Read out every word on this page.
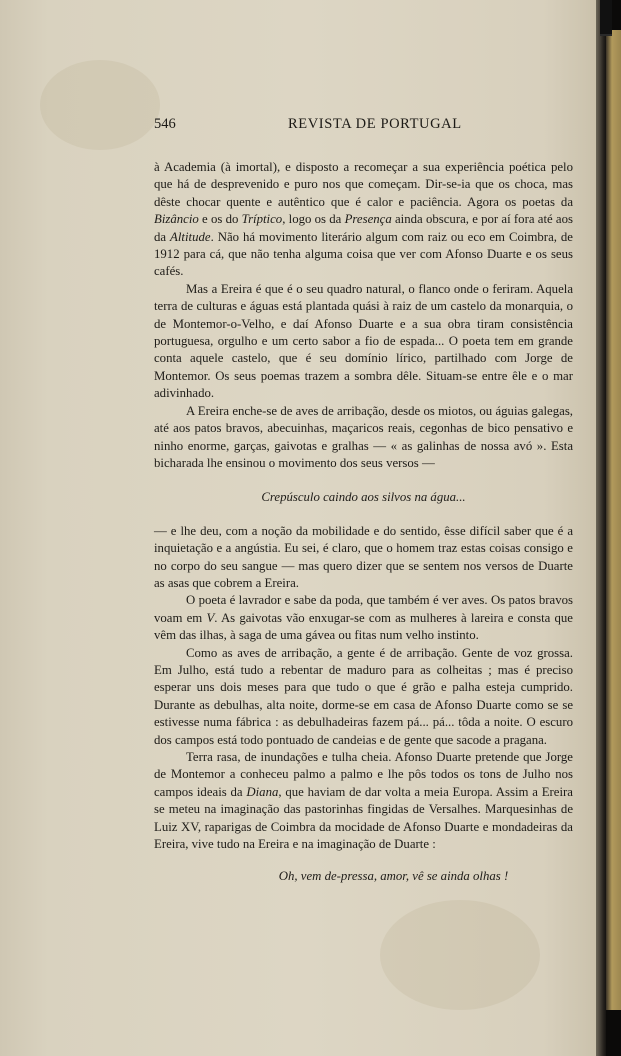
546	REVISTA DE PORTUGAL

à Academia (à imortal), e disposto a recomeçar a sua experiência poética pelo que há de desprevenido e puro nos que começam. Dir-se-ia que os choca, mas dêste chocar quente e autêntico que é calor e paciência. Agora os poetas da Bizâncio e os do Tríptico, logo os da Presença ainda obscura, e por aí fora até aos da Altitude. Não há movimento literário algum com raiz ou eco em Coimbra, de 1912 para cá, que não tenha alguma coisa que ver com Afonso Duarte e os seus cafés.

Mas a Ereira é que é o seu quadro natural, o flanco onde o feriram. Aquela terra de culturas e águas está plantada quási à raiz de um castelo da monarquia, o de Montemor-o-Velho, e daí Afonso Duarte e a sua obra tiram consistência portuguesa, orgulho e um certo sabor a fio de espada... O poeta tem em grande conta aquele castelo, que é seu domínio lírico, partilhado com Jorge de Montemor. Os seus poemas trazem a sombra dêle. Situam-se entre êle e o mar adivinhado.

A Ereira enche-se de aves de arribação, desde os miotos, ou águias galegas, até aos patos bravos, abecuinhas, maçaricos reais, cegonhas de bico pensativo e ninho enorme, garças, gaivotas e gralhas — « as galinhas de nossa avó ». Esta bicharada lhe ensinou o movimento dos seus versos —

Crepúsculo caindo aos silvos na água...

— e lhe deu, com a noção da mobilidade e do sentido, êsse difícil saber que é a inquietação e a angústia. Eu sei, é claro, que o homem traz estas coisas consigo e no corpo do seu sangue — mas quero dizer que se sentem nos versos de Duarte as asas que cobrem a Ereira.

O poeta é lavrador e sabe da poda, que também é ver aves. Os patos bravos voam em V. As gaivotas vão enxugar-se com as mulheres à lareira e consta que vêm das ilhas, à saga de uma gávea ou fitas num velho instinto.

Como as aves de arribação, a gente é de arribação. Gente de voz grossa. Em Julho, está tudo a rebentar de maduro para as colheitas ; mas é preciso esperar uns dois meses para que tudo o que é grão e palha esteja cumprido. Durante as debulhas, alta noite, dorme-se em casa de Afonso Duarte como se se estivesse numa fábrica : as debulhadeiras fazem pá... pá... tôda a noite. O escuro dos campos está todo pontuado de candeias e de gente que sacode a pragana.

Terra rasa, de inundações e tulha cheia. Afonso Duarte pretende que Jorge de Montemor a conheceu palmo a palmo e lhe pôs todos os tons de Julho nos campos ideais da Diana, que haviam de dar volta a meia Europa. Assim a Ereira se meteu na imaginação das pastorinhas fingidas de Versalhes. Marquesinhas de Luiz XV, raparigas de Coimbra da mocidade de Afonso Duarte e mondadeiras da Ereira, vive tudo na Ereira e na imaginação de Duarte :

Oh, vem de-pressa, amor, vê se ainda olhas !
